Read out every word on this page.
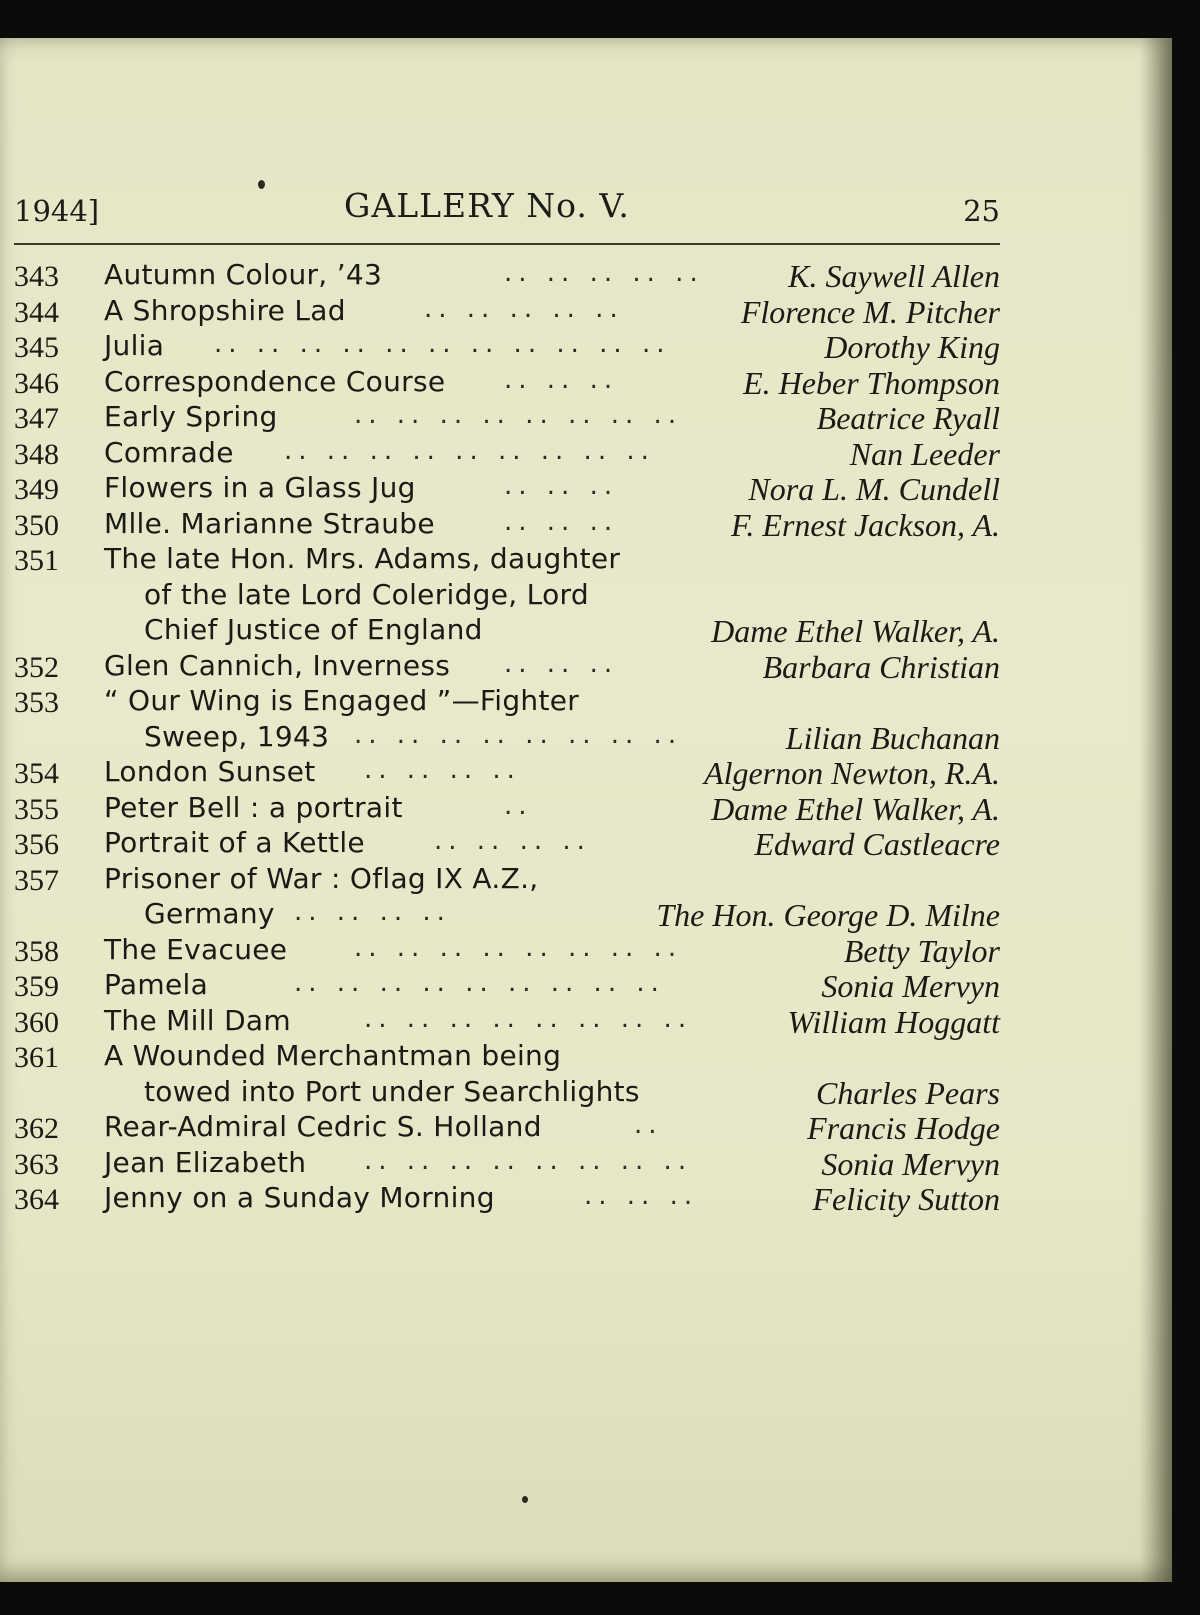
1944]	GALLERY No. V.	25
343	Autumn Colour, ’43	.. .. .. .. ..	K. Saywell Allen
344	A Shropshire Lad	.. .. .. .. ..	Florence M. Pitcher
345	Julia .. .. .. .. .. .. .. .. .. .. ..	Dorothy King
346	Correspondence Course .. .. ..	E. Heber Thompson
347	Early Spring	.. .. .. .. .. .. .. ..	Beatrice Ryall
348	Comrade .. .. .. .. .. .. .. .. ..	Nan Leeder
349	Flowers in a Glass Jug	.. .. ..	Nora L. M. Cundell
350	Mlle. Marianne Straube	.. .. ..	F. Ernest Jackson, A.
351	The late Hon. Mrs. Adams, daughter
of the late Lord Coleridge, Lord
Chief Justice of England	Dame Ethel Walker, A.
352	Glen Cannich, Inverness .. .. ..	Barbara Christian
353	“ Our Wing is Engaged ”—Fighter
Sweep, 1943 .. .. .. .. .. .. .. ..	Lilian Buchanan
354	London Sunset .. .. .. ..	Algernon Newton, R.A.
355	Peter Bell : a portrait	..	Dame Ethel Walker, A.
356	Portrait of a Kettle	.. .. .. ..	Edward Castleacre
357	Prisoner of War : Oflag IX A.Z.,
Germany .. .. .. ..	The Hon. George D. Milne
358	The Evacuee	.. .. .. .. .. .. .. ..	Betty Taylor
359	Pamela	.. .. .. .. .. .. .. .. ..	Sonia Mervyn
360	The Mill Dam	.. .. .. .. .. .. .. ..	William Hoggatt
361	A Wounded Merchantman being
towed into Port under Searchlights	Charles Pears
362	Rear-Admiral Cedric S. Holland	..	Francis Hodge
363	Jean Elizabeth .. .. .. .. .. .. .. ..	Sonia Mervyn
364	Jenny on a Sunday Morning	.. .. ..	Felicity Sutton
